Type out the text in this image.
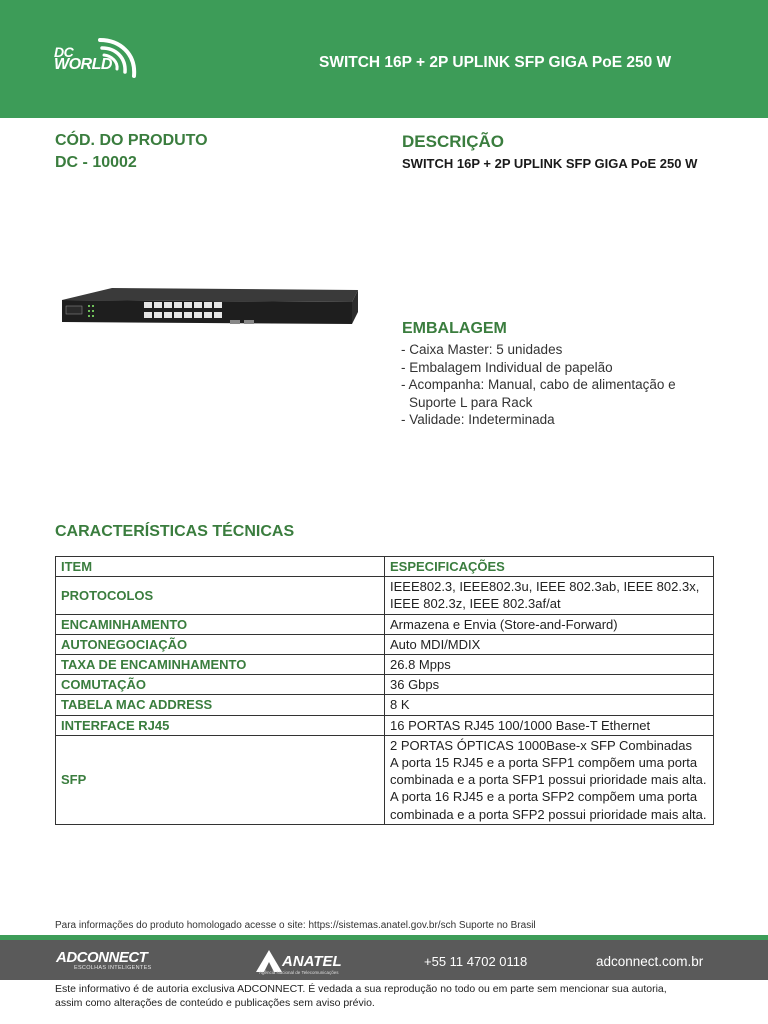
DC
WORLD	SWITCH 16P + 2P UPLINK SFP GIGA PoE 250 W
CÓD. DO PRODUTO
DC - 10002
DESCRIÇÃO
SWITCH 16P + 2P UPLINK SFP GIGA PoE 250 W
EMBALAGEM
- Caixa Master: 5 unidades
- Embalagem Individual de papelão
- Acompanha: Manual, cabo de alimentação e Suporte L para Rack
- Validade: Indeterminada
CARACTERÍSTICAS TÉCNICAS
ITEM	ESPECIFICAÇÕES
PROTOCOLOS	IEEE802.3, IEEE802.3u, IEEE 802.3ab, IEEE 802.3x, IEEE 802.3z, IEEE 802.3af/at
ENCAMINHAMENTO	Armazena e Envia (Store-and-Forward)
AUTONEGOCIAÇÃO	Auto MDI/MDIX
TAXA DE ENCAMINHAMENTO	26.8 Mpps
COMUTAÇÃO	36 Gbps
TABELA MAC ADDRESS	8 K
INTERFACE RJ45	16 PORTAS RJ45 100/1000 Base-T Ethernet
SFP	2 PORTAS ÓPTICAS 1000Base-x SFP Combinadas
A porta 15 RJ45 e a porta SFP1 compõem uma porta combinada e a porta SFP1 possui prioridade mais alta.
A porta 16 RJ45 e a porta SFP2 compõem uma porta combinada e a porta SFP2 possui prioridade mais alta.
Para informações do produto homologado acesse o site: https://sistemas.anatel.gov.br/sch Suporte no Brasil
ADCONNECT
ESCOLHAS INTELIGENTES	ANATEL
Agência Nacional de Telecomunicações
+55 11 4702 0118	adconnect.com.br
Este informativo é de autoria exclusiva ADCONNECT. É vedada a sua reprodução no todo ou em parte sem mencionar sua autoria, assim como alterações de conteúdo e publicações sem aviso prévio.
